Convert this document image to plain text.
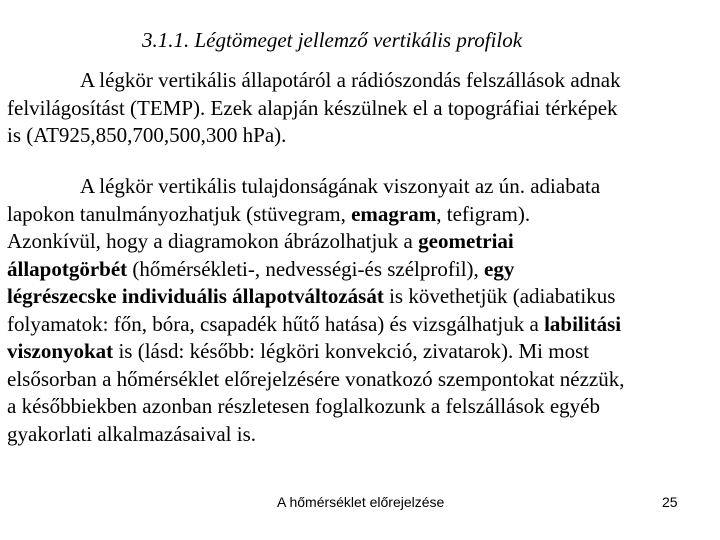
3.1.1. Légtömeget jellemző vertikális profilok

A légkör vertikális állapotáról a rádiószondás felszállások adnak
felvilágosítást (TEMP). Ezek alapján készülnek el a topográfiai térképek
is (AT925,850,700,500,300 hPa).

A légkör vertikális tulajdonságának viszonyait az ún. adiabata
lapokon tanulmányozhatjuk (stüvegram, emagram, tefigram).
Azonkívül, hogy a diagramokon ábrázolhatjuk a geometriai
állapotgörbét (hőmérsékleti-, nedvességi-és szélprofil), egy
légrészecske individuális állapotváltozását is követhetjük (adiabatikus
folyamatok: főn, bóra, csapadék hűtő hatása) és vizsgálhatjuk a labilitási
viszonyokat is (lásd: később: légköri konvekció, zivatarok). Mi most
elsősorban a hőmérséklet előrejelzésére vonatkozó szempontokat nézzük,
a későbbiekben azonban részletesen foglalkozunk a felszállások egyéb
gyakorlati alkalmazásaival is.

A hőmérséklet előrejelzése	25
